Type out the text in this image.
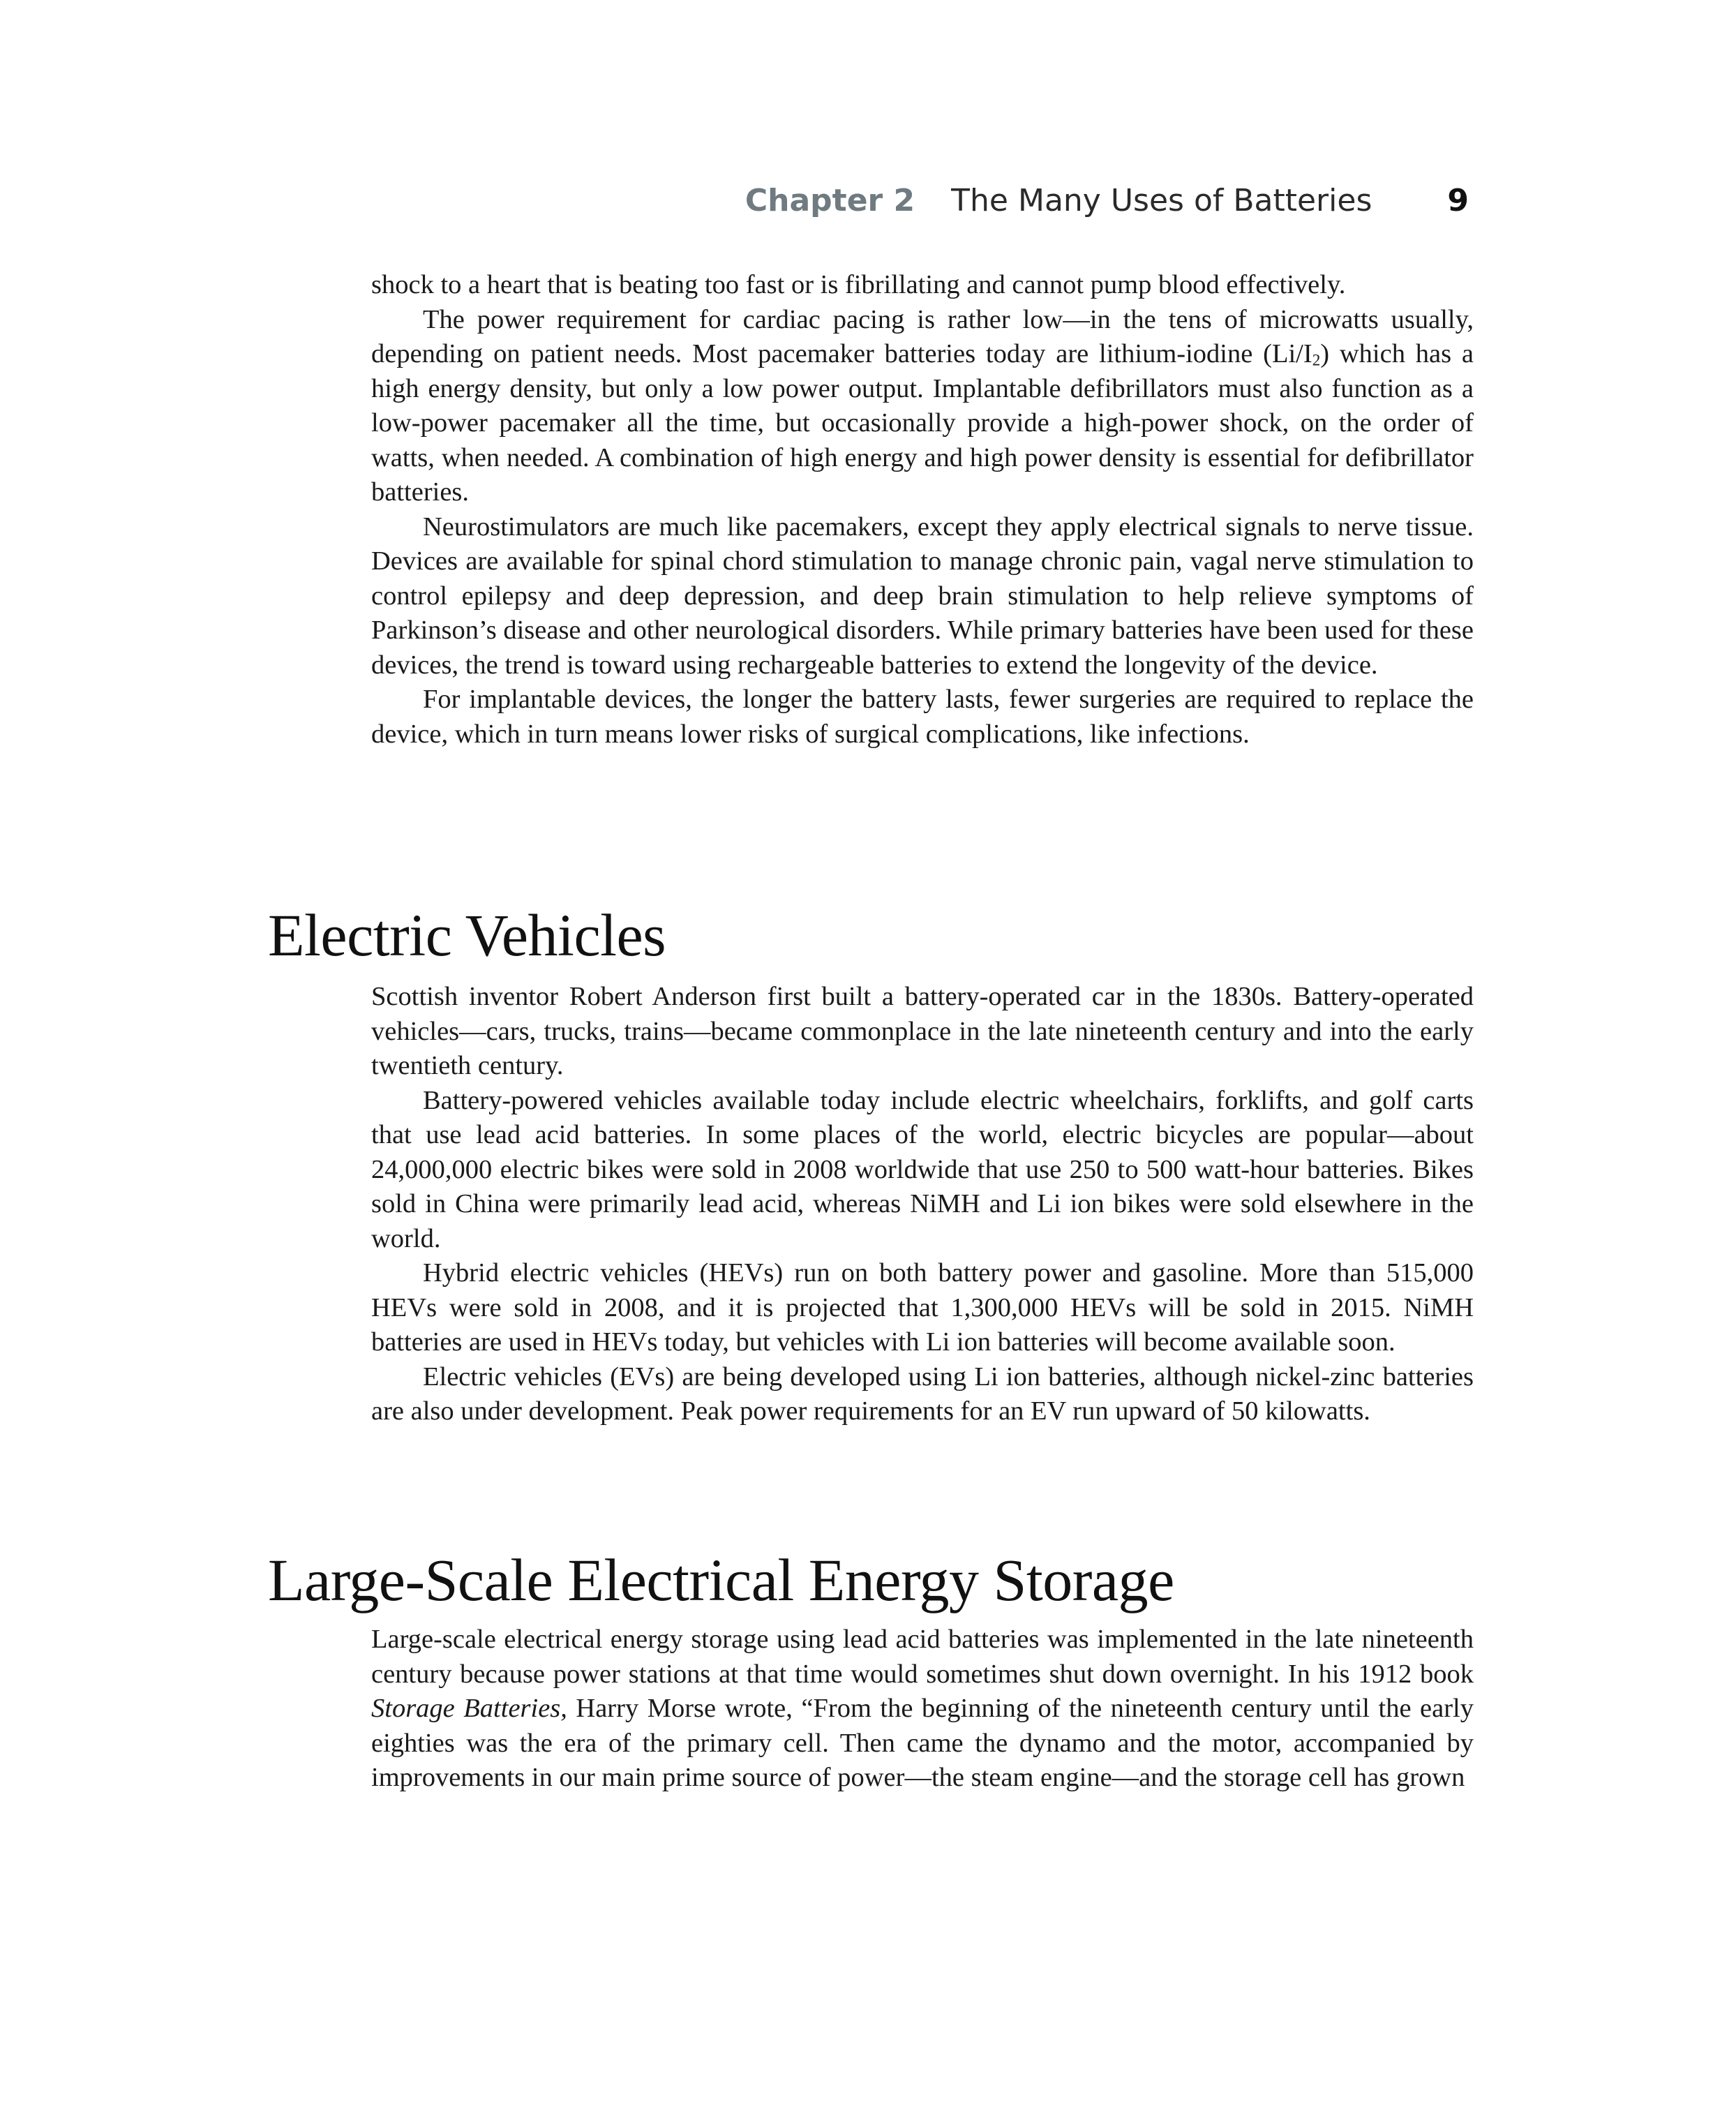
Chapter 2 The Many Uses of Batteries 9

shock to a heart that is beating too fast or is fibrillating and cannot pump blood effectively.

The power requirement for cardiac pacing is rather low—in the tens of microwatts usually, depending on patient needs. Most pacemaker batteries today are lithium-iodine $(Li/I_2)$ which has a high energy density, but only a low power output. Implantable defibrillators must also function as a low-power pacemaker all the time, but occasionally provide a high-power shock, on the order of watts, when needed. A combination of high energy and high power density is essential for defibrillator batteries.

Neurostimulators are much like pacemakers, except they apply electrical signals to nerve tissue. Devices are available for spinal chord stimulation to manage chronic pain, vagal nerve stimulation to control epilepsy and deep depression, and deep brain stimulation to help relieve symptoms of Parkinson’s disease and other neurological disorders. While primary batteries have been used for these devices, the trend is toward using rechargeable batteries to extend the longevity of the device.

For implantable devices, the longer the battery lasts, fewer surgeries are required to replace the device, which in turn means lower risks of surgical complications, like infections.

Electric Vehicles

Scottish inventor Robert Anderson first built a battery-operated car in the 1830s. Battery-operated vehicles—cars, trucks, trains—became commonplace in the late nineteenth century and into the early twentieth century.

Battery-powered vehicles available today include electric wheelchairs, forklifts, and golf carts that use lead acid batteries. In some places of the world, electric bicycles are popular—about 24,000,000 electric bikes were sold in 2008 worldwide that use 250 to 500 watt-hour batteries. Bikes sold in China were primarily lead acid, whereas NiMH and Li ion bikes were sold elsewhere in the world.

Hybrid electric vehicles (HEVs) run on both battery power and gasoline. More than 515,000 HEVs were sold in 2008, and it is projected that 1,300,000 HEVs will be sold in 2015. NiMH batteries are used in HEVs today, but vehicles with Li ion batteries will become available soon.

Electric vehicles (EVs) are being developed using Li ion batteries, although nickel-zinc batteries are also under development. Peak power requirements for an EV run upward of 50 kilowatts.

Large-Scale Electrical Energy Storage

Large-scale electrical energy storage using lead acid batteries was implemented in the late nineteenth century because power stations at that time would sometimes shut down overnight. In his 1912 book Storage Batteries, Harry Morse wrote, “From the beginning of the nineteenth century until the early eighties was the era of the primary cell. Then came the dynamo and the motor, accompanied by improvements in our main prime source of power—the steam engine—and the storage cell has grown
